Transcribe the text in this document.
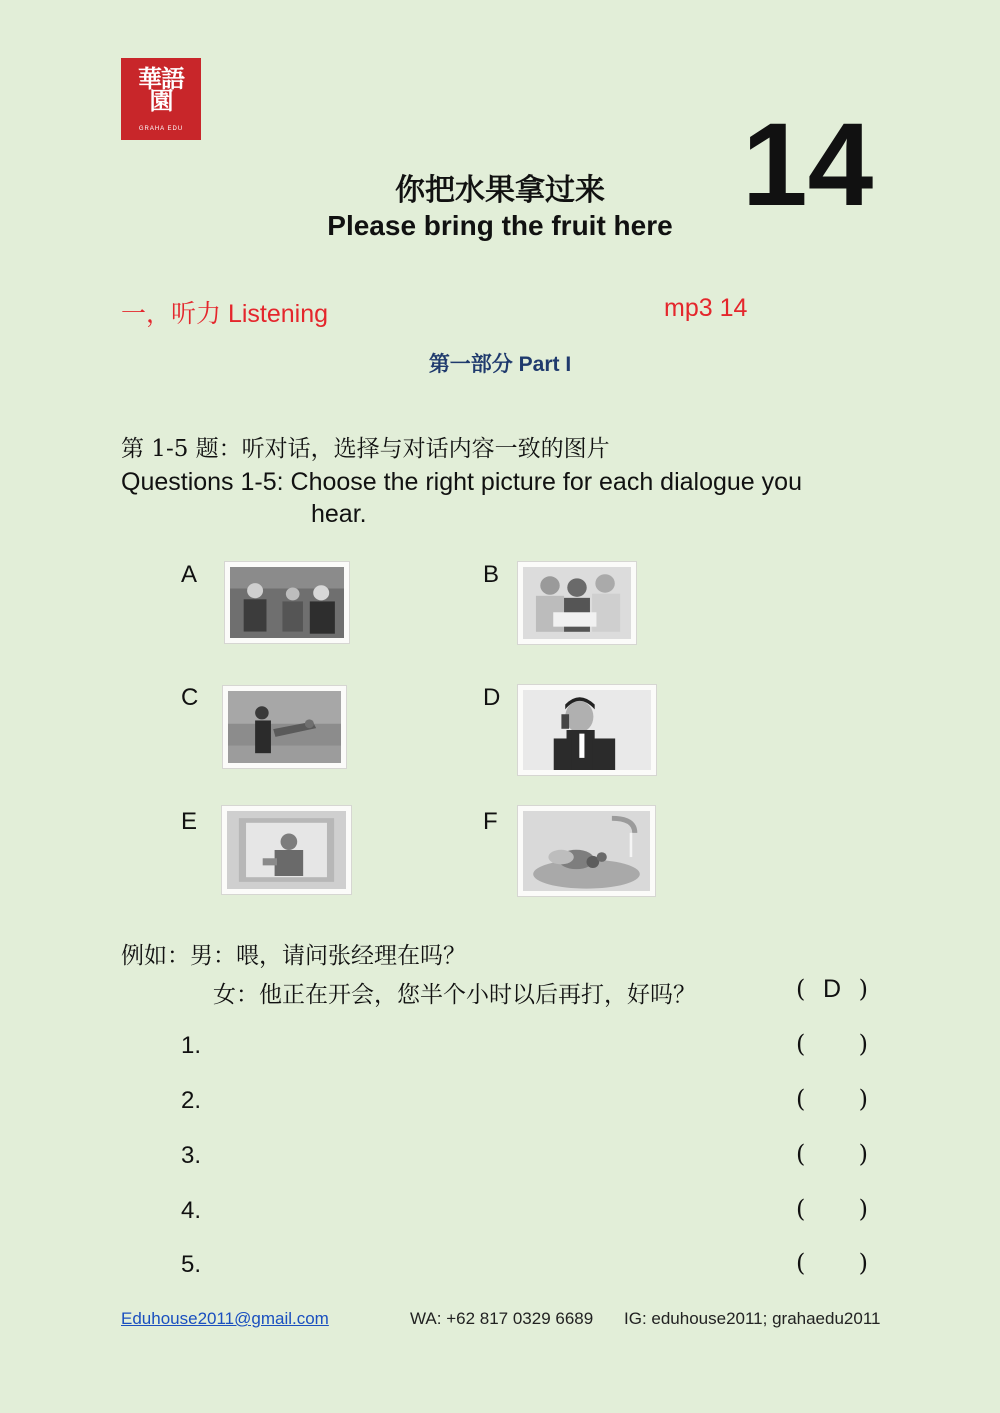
華語園
GRAHA EDU	14
你把水果拿过来
Please bring the fruit here
一，听力 Listening	mp3 14
第一部分 Part I
第 1-5 题：听对话，选择与对话内容一致的图片
Questions 1-5: Choose the right picture for each dialogue you
hear.
A	B
C	D
E	F
例如：男：喂，请问张经理在吗？
女：他正在开会，您半个小时以后再打，好吗？	( D )
1.	( )
2.	( )
3.	( )
4.	( )
5.	( )
Eduhouse2011@gmail.com	WA: +62 817 0329 6689 IG: eduhouse2011; grahaedu2011
